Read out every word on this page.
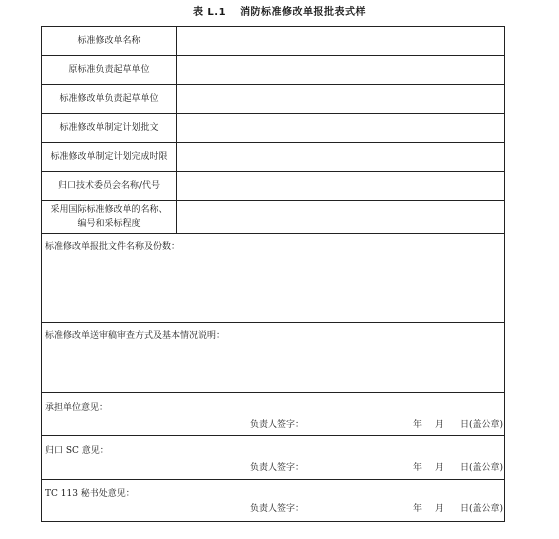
表 L.1 消防标准修改单报批表式样
标准修改单名称	
原标准负责起草单位	
标准修改单负责起草单位	
标准修改单制定计划批文	
标准修改单制定计划完成时限	
归口技术委员会名称/代号	

采用国际标准修改单的名称、
编号和采标程度	

标准修改单报批文件名称及份数：	

标准修改单送审稿审查方式及基本情况说明：	

承担单位意见：
负责人签字： 年 月 日(盖公章)	

归口 SC 意见：
负责人签字： 年 月 日(盖公章)	

TC 113 秘书处意见：
负责人签字： 年 月 日(盖公章)	
